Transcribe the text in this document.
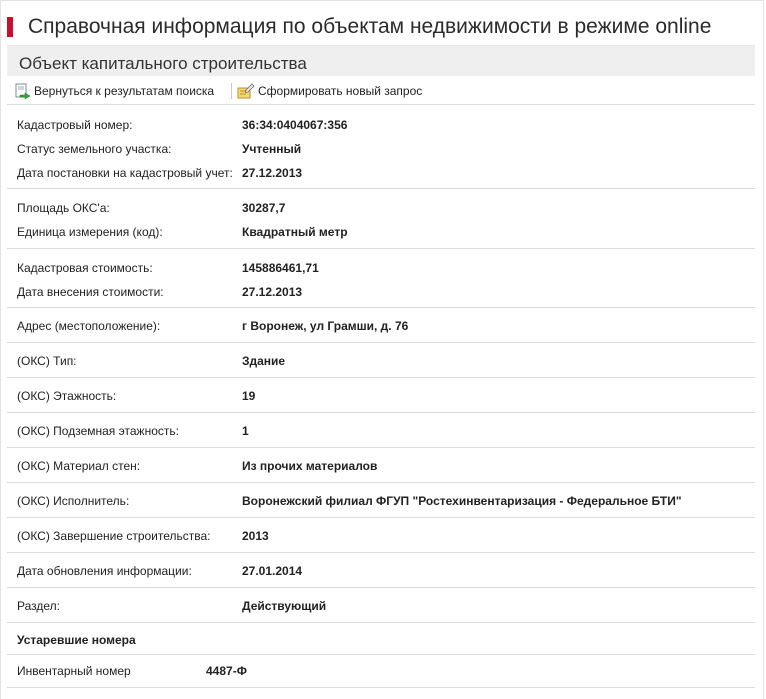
Справочная информация по объектам недвижимости в режиме online
Объект капитального строительства
Вернуться к результатам поиска	Сформировать новый запрос
Кадастровый номер:	36:34:0404067:356
Статус земельного участка:	Учтенный
Дата постановки на кадастровый учет: 27.12.2013
Площадь ОКС'а:	30287,7
Единица измерения (код):	Квадратный метр
Кадастровая стоимость:	145886461,71
Дата внесения стоимости:	27.12.2013
Адрес (местоположение):	г Воронеж, ул Грамши, д. 76
(ОКС) Тип:	Здание
(ОКС) Этажность:	19
(ОКС) Подземная этажность:	1
(ОКС) Материал стен:	Из прочих материалов
(ОКС) Исполнитель:	Воронежский филиал ФГУП "Ростехинвентаризация - Федеральное БТИ"
(ОКС) Завершение строительства:	2013
Дата обновления информации:	27.01.2014
Раздел:	Действующий
Устаревшие номера
Инвентарный номер	4487-Ф
